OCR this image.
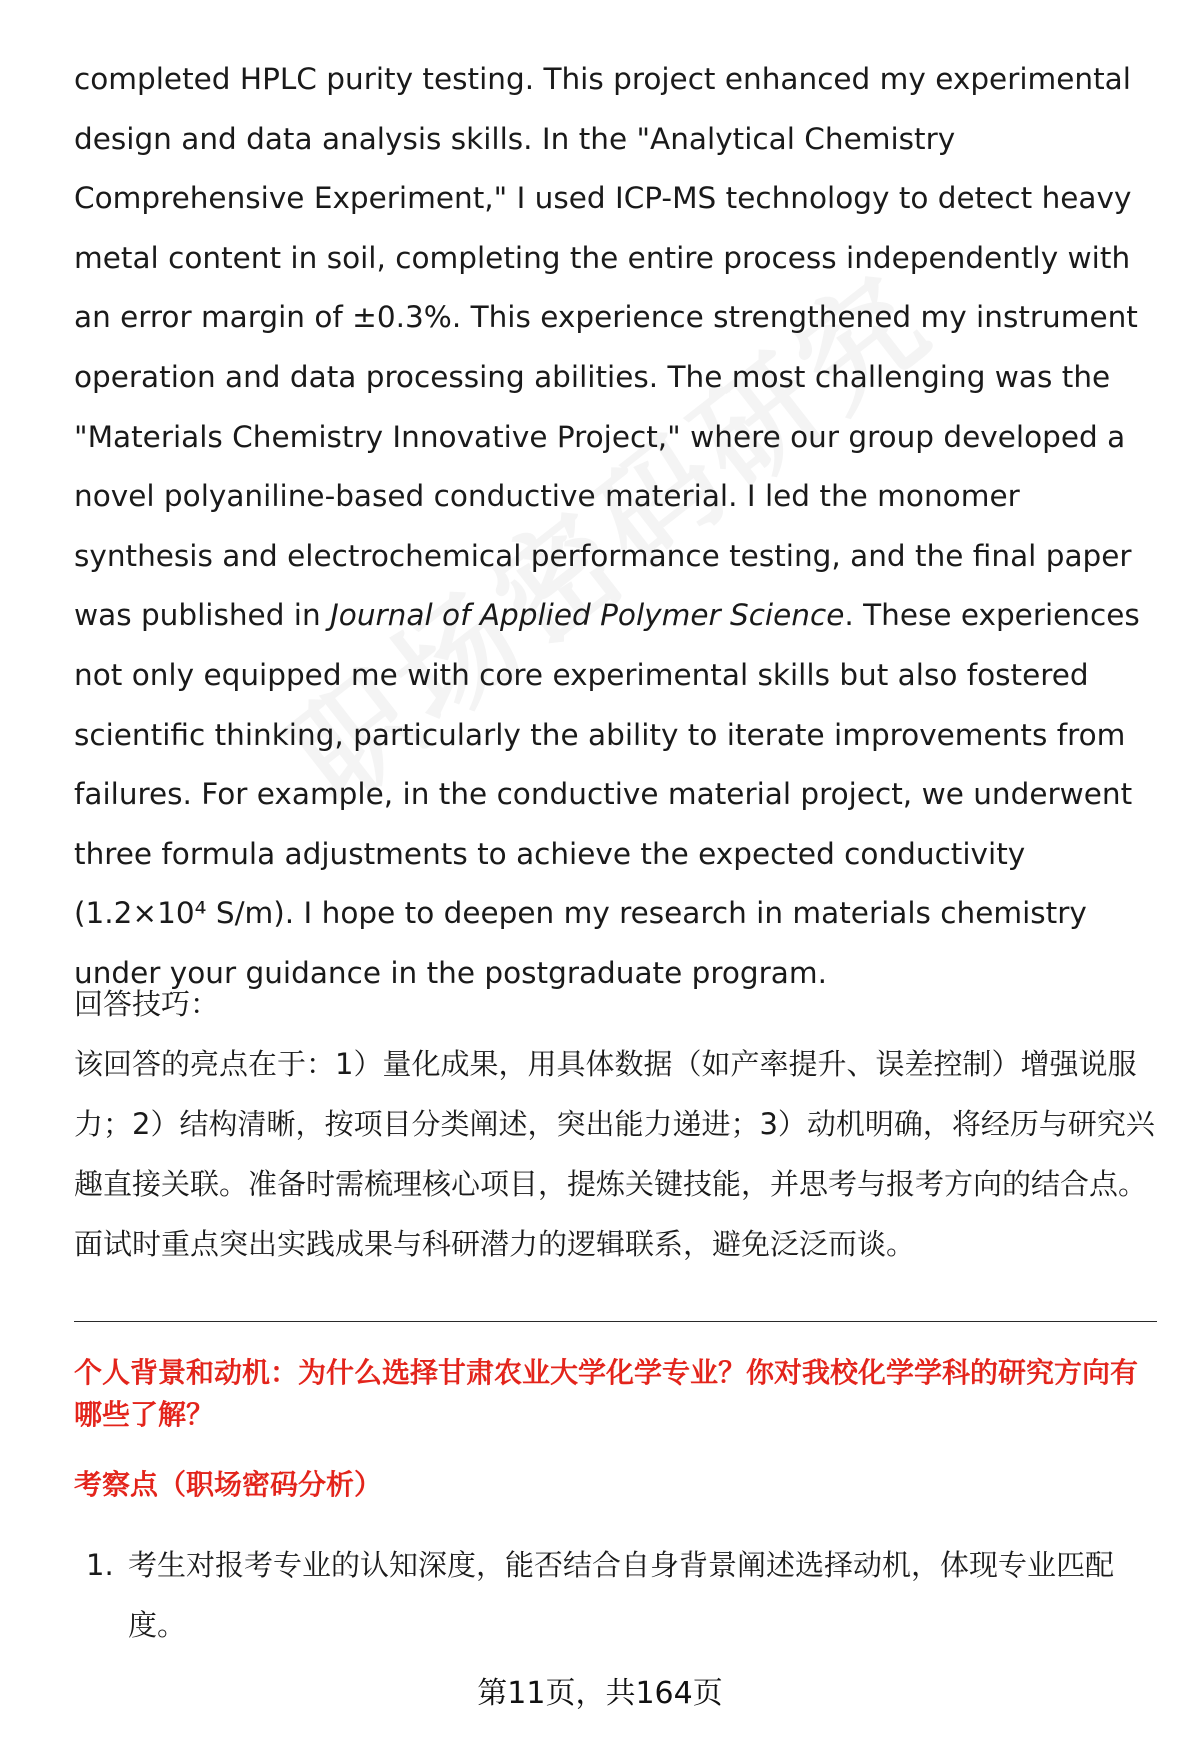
completed HPLC purity testing. This project enhanced my experimental design and data analysis skills. In the "Analytical Chemistry Comprehensive Experiment," I used ICP-MS technology to detect heavy metal content in soil, completing the entire process independently with an error margin of ±0.3%. This experience strengthened my instrument operation and data processing abilities. The most challenging was the "Materials Chemistry Innovative Project," where our group developed a novel polyaniline-based conductive material. I led the monomer synthesis and electrochemical performance testing, and the final paper was published in Journal of Applied Polymer Science. These experiences not only equipped me with core experimental skills but also fostered scientific thinking, particularly the ability to iterate improvements from failures. For example, in the conductive material project, we underwent three formula adjustments to achieve the expected conductivity (1.2×10⁴ S/m). I hope to deepen my research in materials chemistry under your guidance in the postgraduate program.

回答技巧：

该回答的亮点在于：1）量化成果，用具体数据（如产率提升、误差控制）增强说服力；2）结构清晰，按项目分类阐述，突出能力递进；3）动机明确，将经历与研究兴趣直接关联。准备时需梳理核心项目，提炼关键技能，并思考与报考方向的结合点。面试时重点突出实践成果与科研潜力的逻辑联系，避免泛泛而谈。

个人背景和动机：为什么选择甘肃农业大学化学专业？你对我校化学学科的研究方向有哪些了解？
考察点（职场密码分析）
1. 考生对报考专业的认知深度，能否结合自身背景阐述选择动机，体现专业匹配度。

第11页，共164页
